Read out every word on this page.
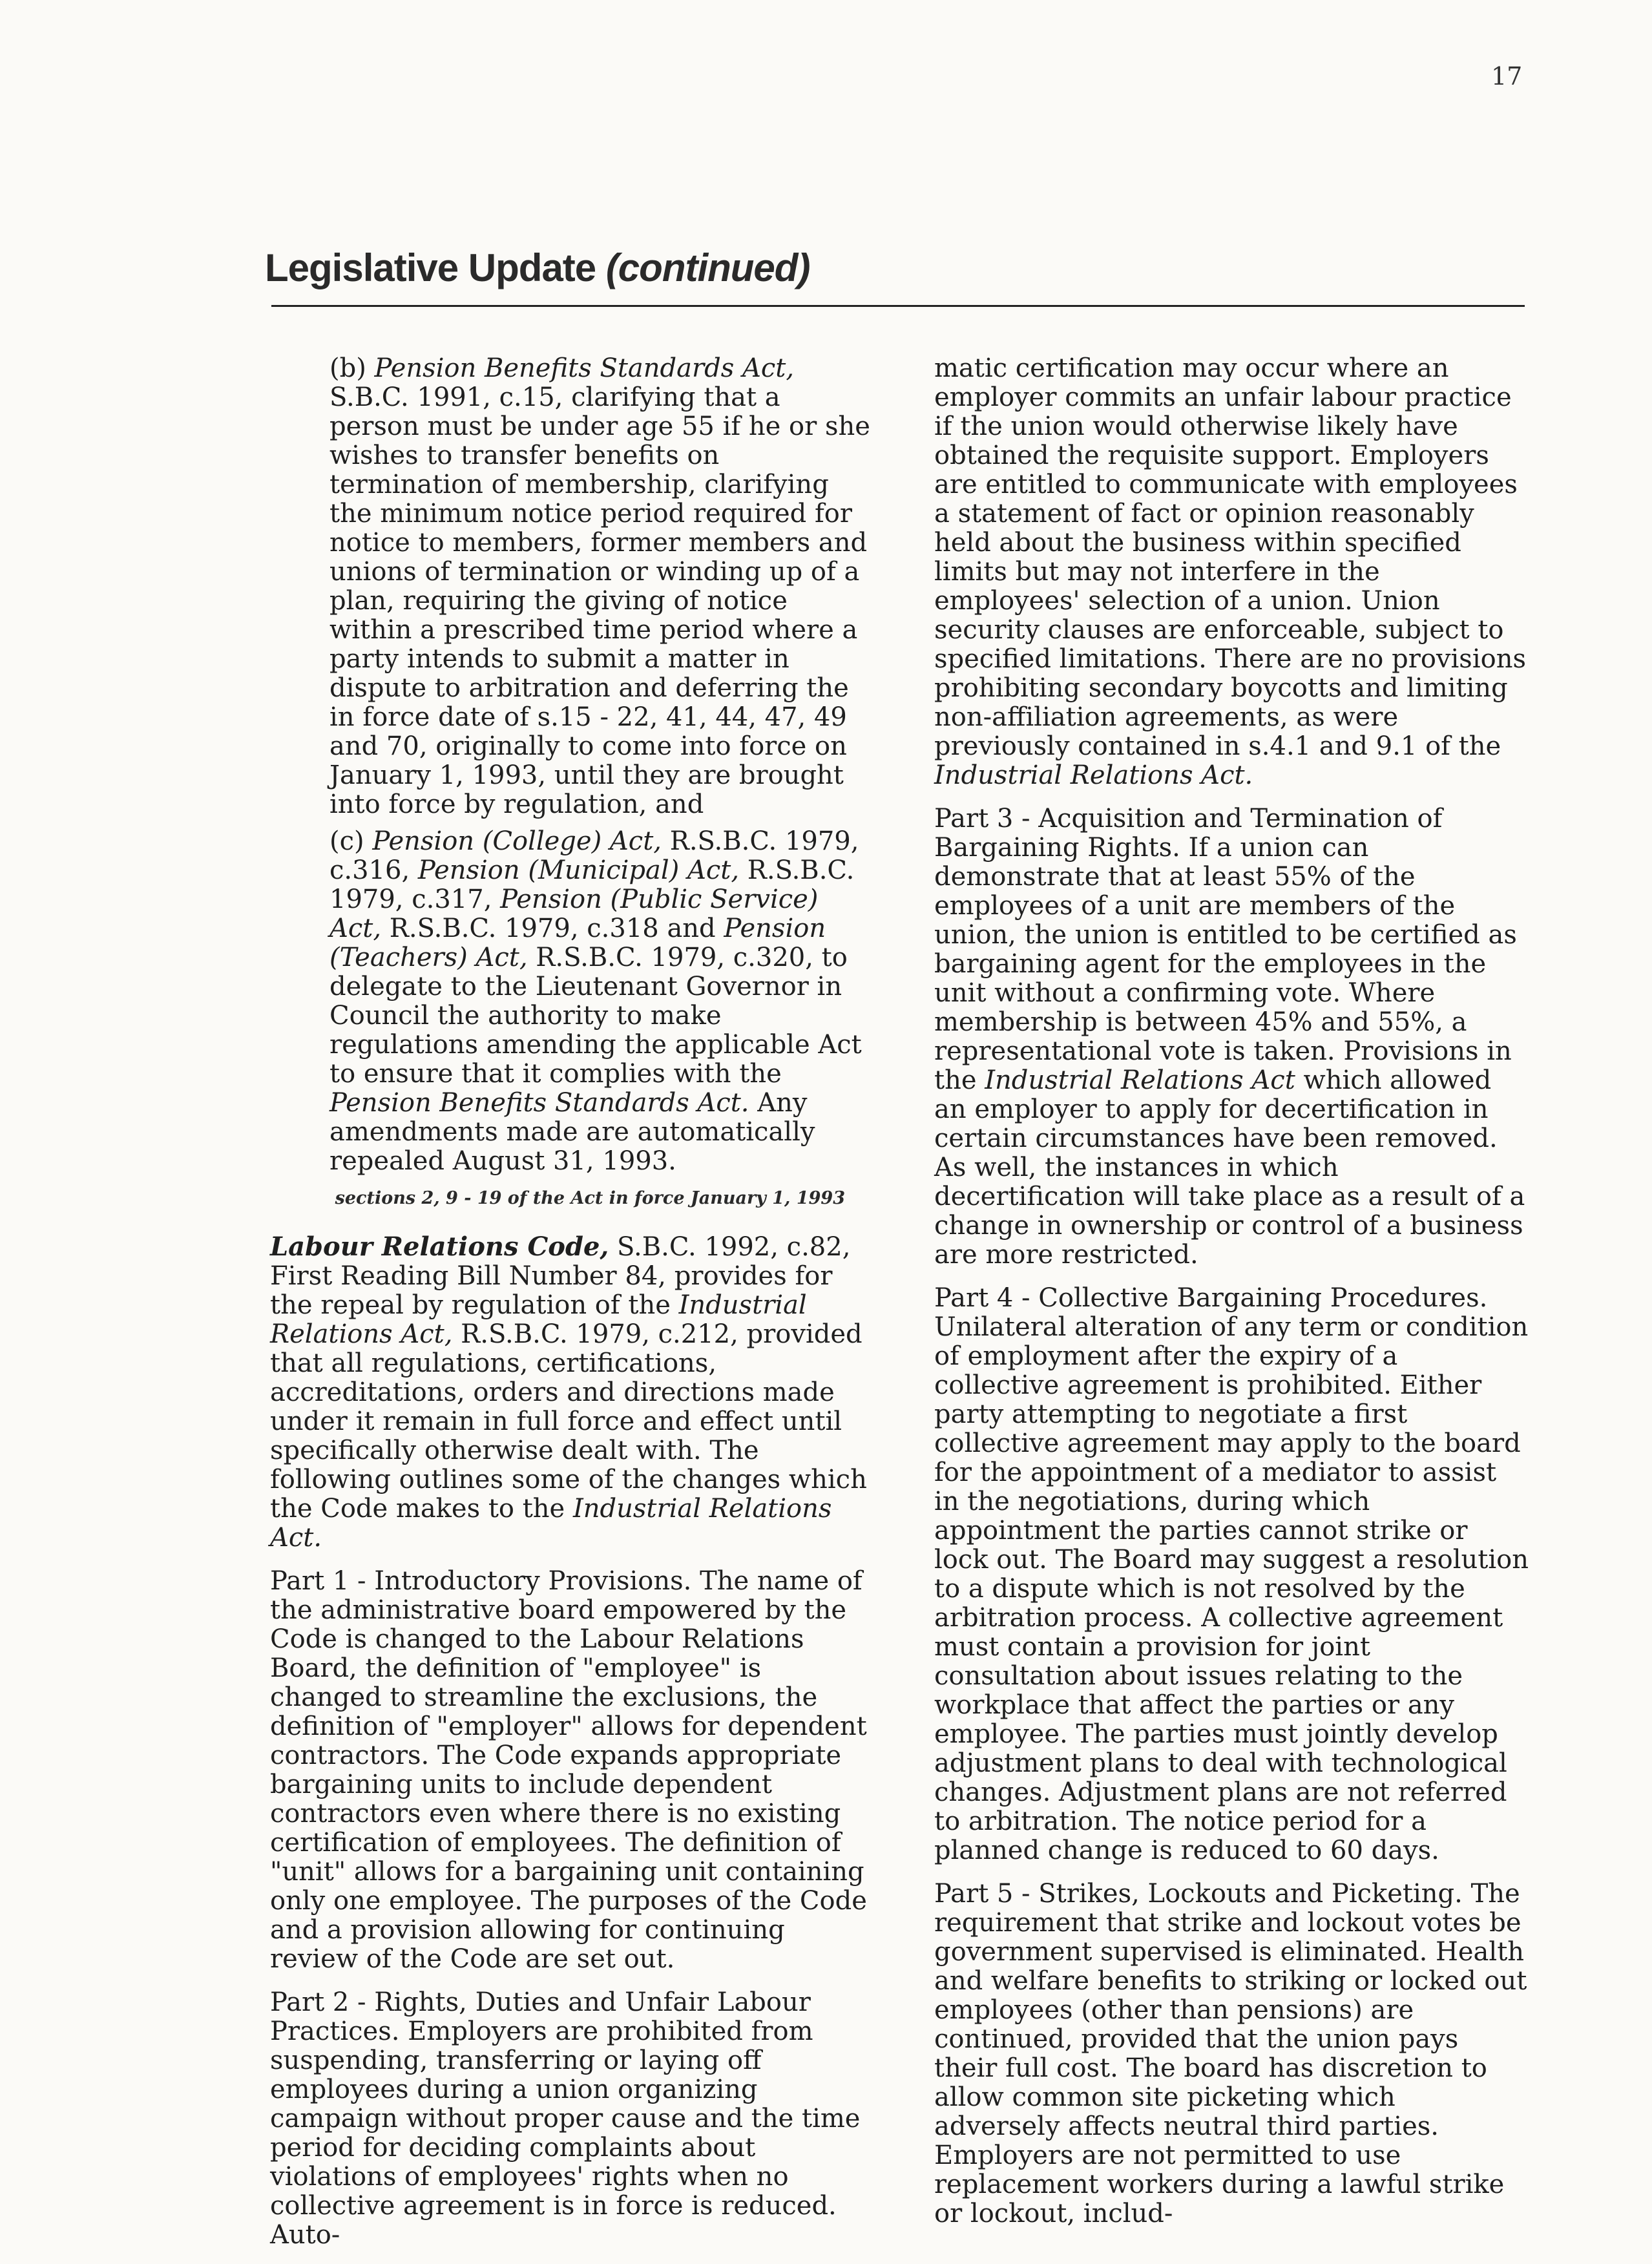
17
Legislative Update (continued)

(b) Pension Benefits Standards Act, S.B.C. 1991, c.15, clarifying that a person must be under age 55 if he or she wishes to transfer benefits on termination of membership, clarifying the minimum notice period required for notice to members, former members and unions of termination or winding up of a plan, requiring the giving of notice within a prescribed time period where a party intends to submit a matter in dispute to arbitration and deferring the in force date of s.15 - 22, 41, 44, 47, 49 and 70, originally to come into force on January 1, 1993, until they are brought into force by regulation, and

(c) Pension (College) Act, R.S.B.C. 1979, c.316, Pension (Municipal) Act, R.S.B.C. 1979, c.317, Pension (Public Service) Act, R.S.B.C. 1979, c.318 and Pension (Teachers) Act, R.S.B.C. 1979, c.320, to delegate to the Lieutenant Governor in Council the authority to make regulations amending the applicable Act to ensure that it complies with the Pension Benefits Standards Act. Any amendments made are automatically repealed August 31, 1993.

sections 2, 9 - 19 of the Act in force January 1, 1993

Labour Relations Code, S.B.C. 1992, c.82, First Reading Bill Number 84, provides for the repeal by regulation of the Industrial Relations Act, R.S.B.C. 1979, c.212, provided that all regulations, certifications, accreditations, orders and directions made under it remain in full force and effect until specifically otherwise dealt with. The following outlines some of the changes which the Code makes to the Industrial Relations Act.

Part 1 - Introductory Provisions. The name of the administrative board empowered by the Code is changed to the Labour Relations Board, the definition of "employee" is changed to streamline the exclusions, the definition of "employer" allows for dependent contractors. The Code expands appropriate bargaining units to include dependent contractors even where there is no existing certification of employees. The definition of "unit" allows for a bargaining unit containing only one employee. The purposes of the Code and a provision allowing for continuing review of the Code are set out.

Part 2 - Rights, Duties and Unfair Labour Practices. Employers are prohibited from suspending, transferring or laying off employees during a union organizing campaign without proper cause and the time period for deciding complaints about violations of employees' rights when no collective agreement is in force is reduced. Auto-

matic certification may occur where an employer commits an unfair labour practice if the union would otherwise likely have obtained the requisite support. Employers are entitled to communicate with employees a statement of fact or opinion reasonably held about the business within specified limits but may not interfere in the employees' selection of a union. Union security clauses are enforceable, subject to specified limitations. There are no provisions prohibiting secondary boycotts and limiting non-affiliation agreements, as were previously contained in s.4.1 and 9.1 of the Industrial Relations Act.

Part 3 - Acquisition and Termination of Bargaining Rights. If a union can demonstrate that at least 55% of the employees of a unit are members of the union, the union is entitled to be certified as bargaining agent for the employees in the unit without a confirming vote. Where membership is between 45% and 55%, a representational vote is taken. Provisions in the Industrial Relations Act which allowed an employer to apply for decertification in certain circumstances have been removed. As well, the instances in which decertification will take place as a result of a change in ownership or control of a business are more restricted.

Part 4 - Collective Bargaining Procedures. Unilateral alteration of any term or condition of employment after the expiry of a collective agreement is prohibited. Either party attempting to negotiate a first collective agreement may apply to the board for the appointment of a mediator to assist in the negotiations, during which appointment the parties cannot strike or lock out. The Board may suggest a resolution to a dispute which is not resolved by the arbitration process. A collective agreement must contain a provision for joint consultation about issues relating to the workplace that affect the parties or any employee. The parties must jointly develop adjustment plans to deal with technological changes. Adjustment plans are not referred to arbitration. The notice period for a planned change is reduced to 60 days.

Part 5 - Strikes, Lockouts and Picketing. The requirement that strike and lockout votes be government supervised is eliminated. Health and welfare benefits to striking or locked out employees (other than pensions) are continued, provided that the union pays their full cost. The board has discretion to allow common site picketing which adversely affects neutral third parties. Employers are not permitted to use replacement workers during a lawful strike or lockout, includ-
